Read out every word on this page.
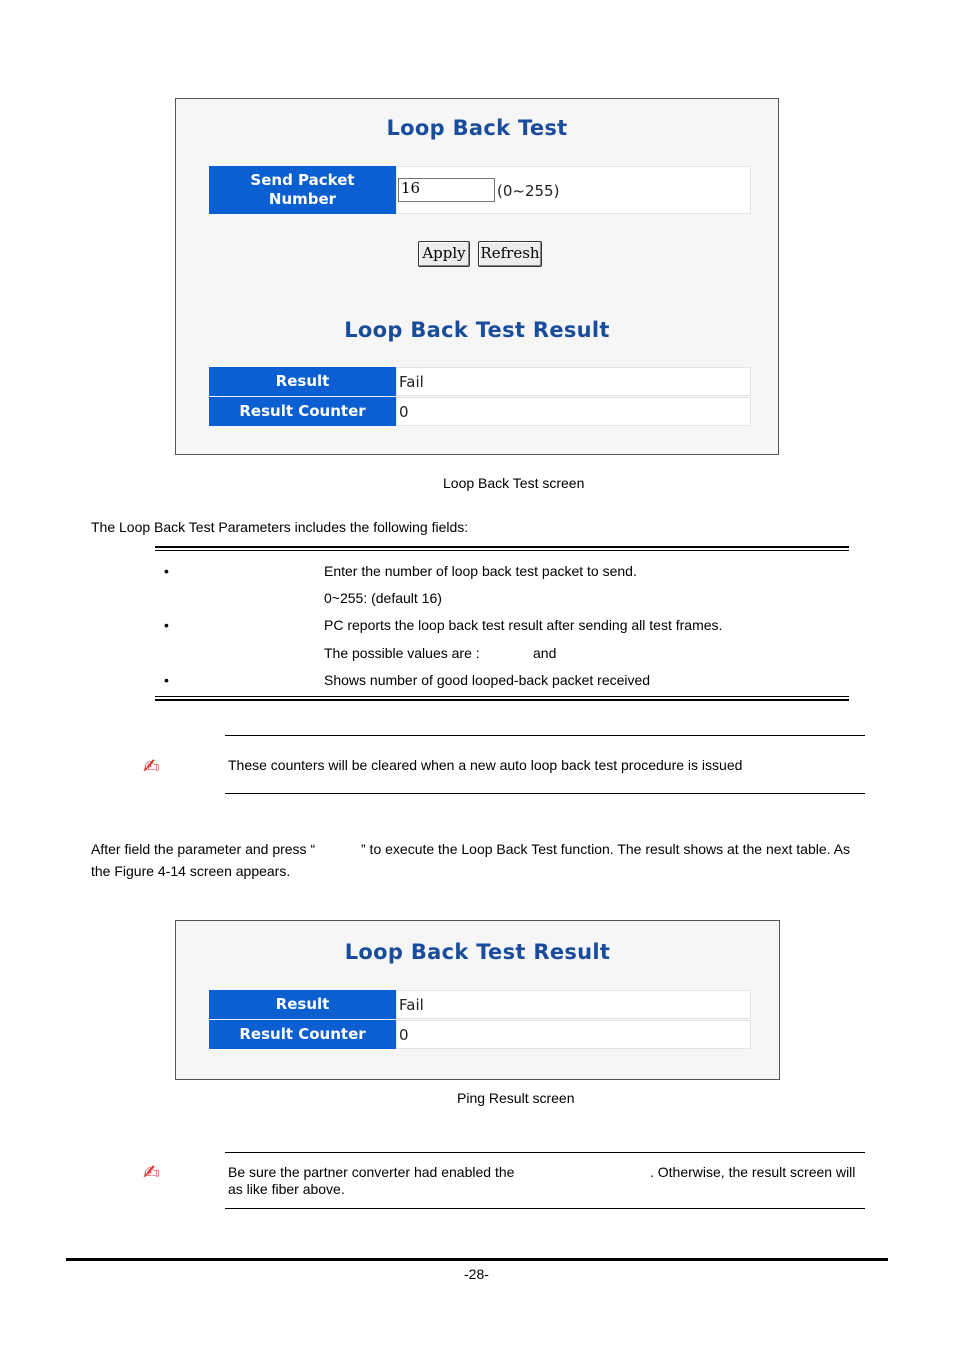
Loop Back Test
Send Packet Number
16	(0~255)
Apply Refresh
Loop Back Test Result
Result	Fail
Result Counter	0
Loop Back Test screen
The Loop Back Test Parameters includes the following fields:
•	Enter the number of loop back test packet to send.
0~255: (default 16)
•	PC reports the loop back test result after sending all test frames.
The possible values are :	and
•	Shows number of good looped-back packet received
✍	These counters will be cleared when a new auto loop back test procedure is issued
After field the parameter and press “	” to execute the Loop Back Test function. The result shows at the next table. As
the Figure 4-14 screen appears.
Loop Back Test Result
Result	Fail
Result Counter	0
Ping Result screen
✍	Be sure the partner converter had enabled the	. Otherwise, the result screen will
as like fiber above.
-28-
